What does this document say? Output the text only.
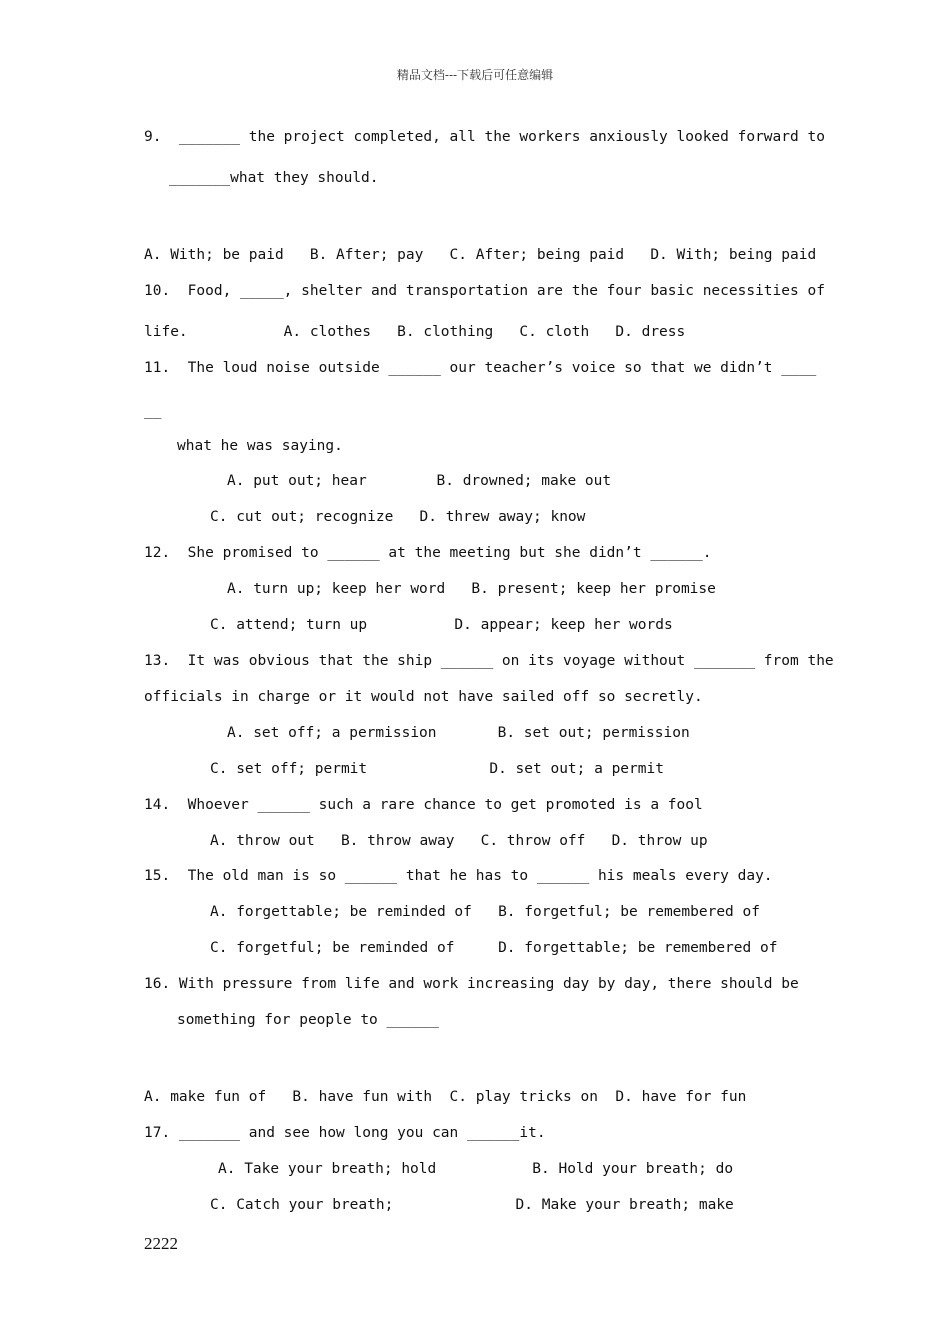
精品文档---下载后可任意编辑
9.  _______ the project completed, all the workers anxiously looked forward to
_______what they should.
A. With; be paid   B. After; pay   C. After; being paid   D. With; being paid
10.  Food, _____, shelter and transportation are the four basic necessities of
life.           A. clothes   B. clothing   C. cloth   D. dress
11.  The loud noise outside ______ our teacher’s voice so that we didn’t ____
__
what he was saying.
A. put out; hear        B. drowned; make out
C. cut out; recognize   D. threw away; know
12.  She promised to ______ at the meeting but she didn’t ______.
A. turn up; keep her word   B. present; keep her promise
C. attend; turn up          D. appear; keep her words
13.  It was obvious that the ship ______ on its voyage without _______ from the
officials in charge or it would not have sailed off so secretly.
A. set off; a permission       B. set out; permission
C. set off; permit              D. set out; a permit
14.  Whoever ______ such a rare chance to get promoted is a fool
A. throw out   B. throw away   C. throw off   D. throw up
15.  The old man is so ______ that he has to ______ his meals every day.
A. forgettable; be reminded of   B. forgetful; be remembered of
C. forgetful; be reminded of     D. forgettable; be remembered of
16. With pressure from life and work increasing day by day, there should be
something for people to ______
A. make fun of   B. have fun with  C. play tricks on  D. have for fun
17. _______ and see how long you can ______it.
A. Take your breath; hold           B. Hold your breath; do
C. Catch your breath;              D. Make your breath; make
2222
